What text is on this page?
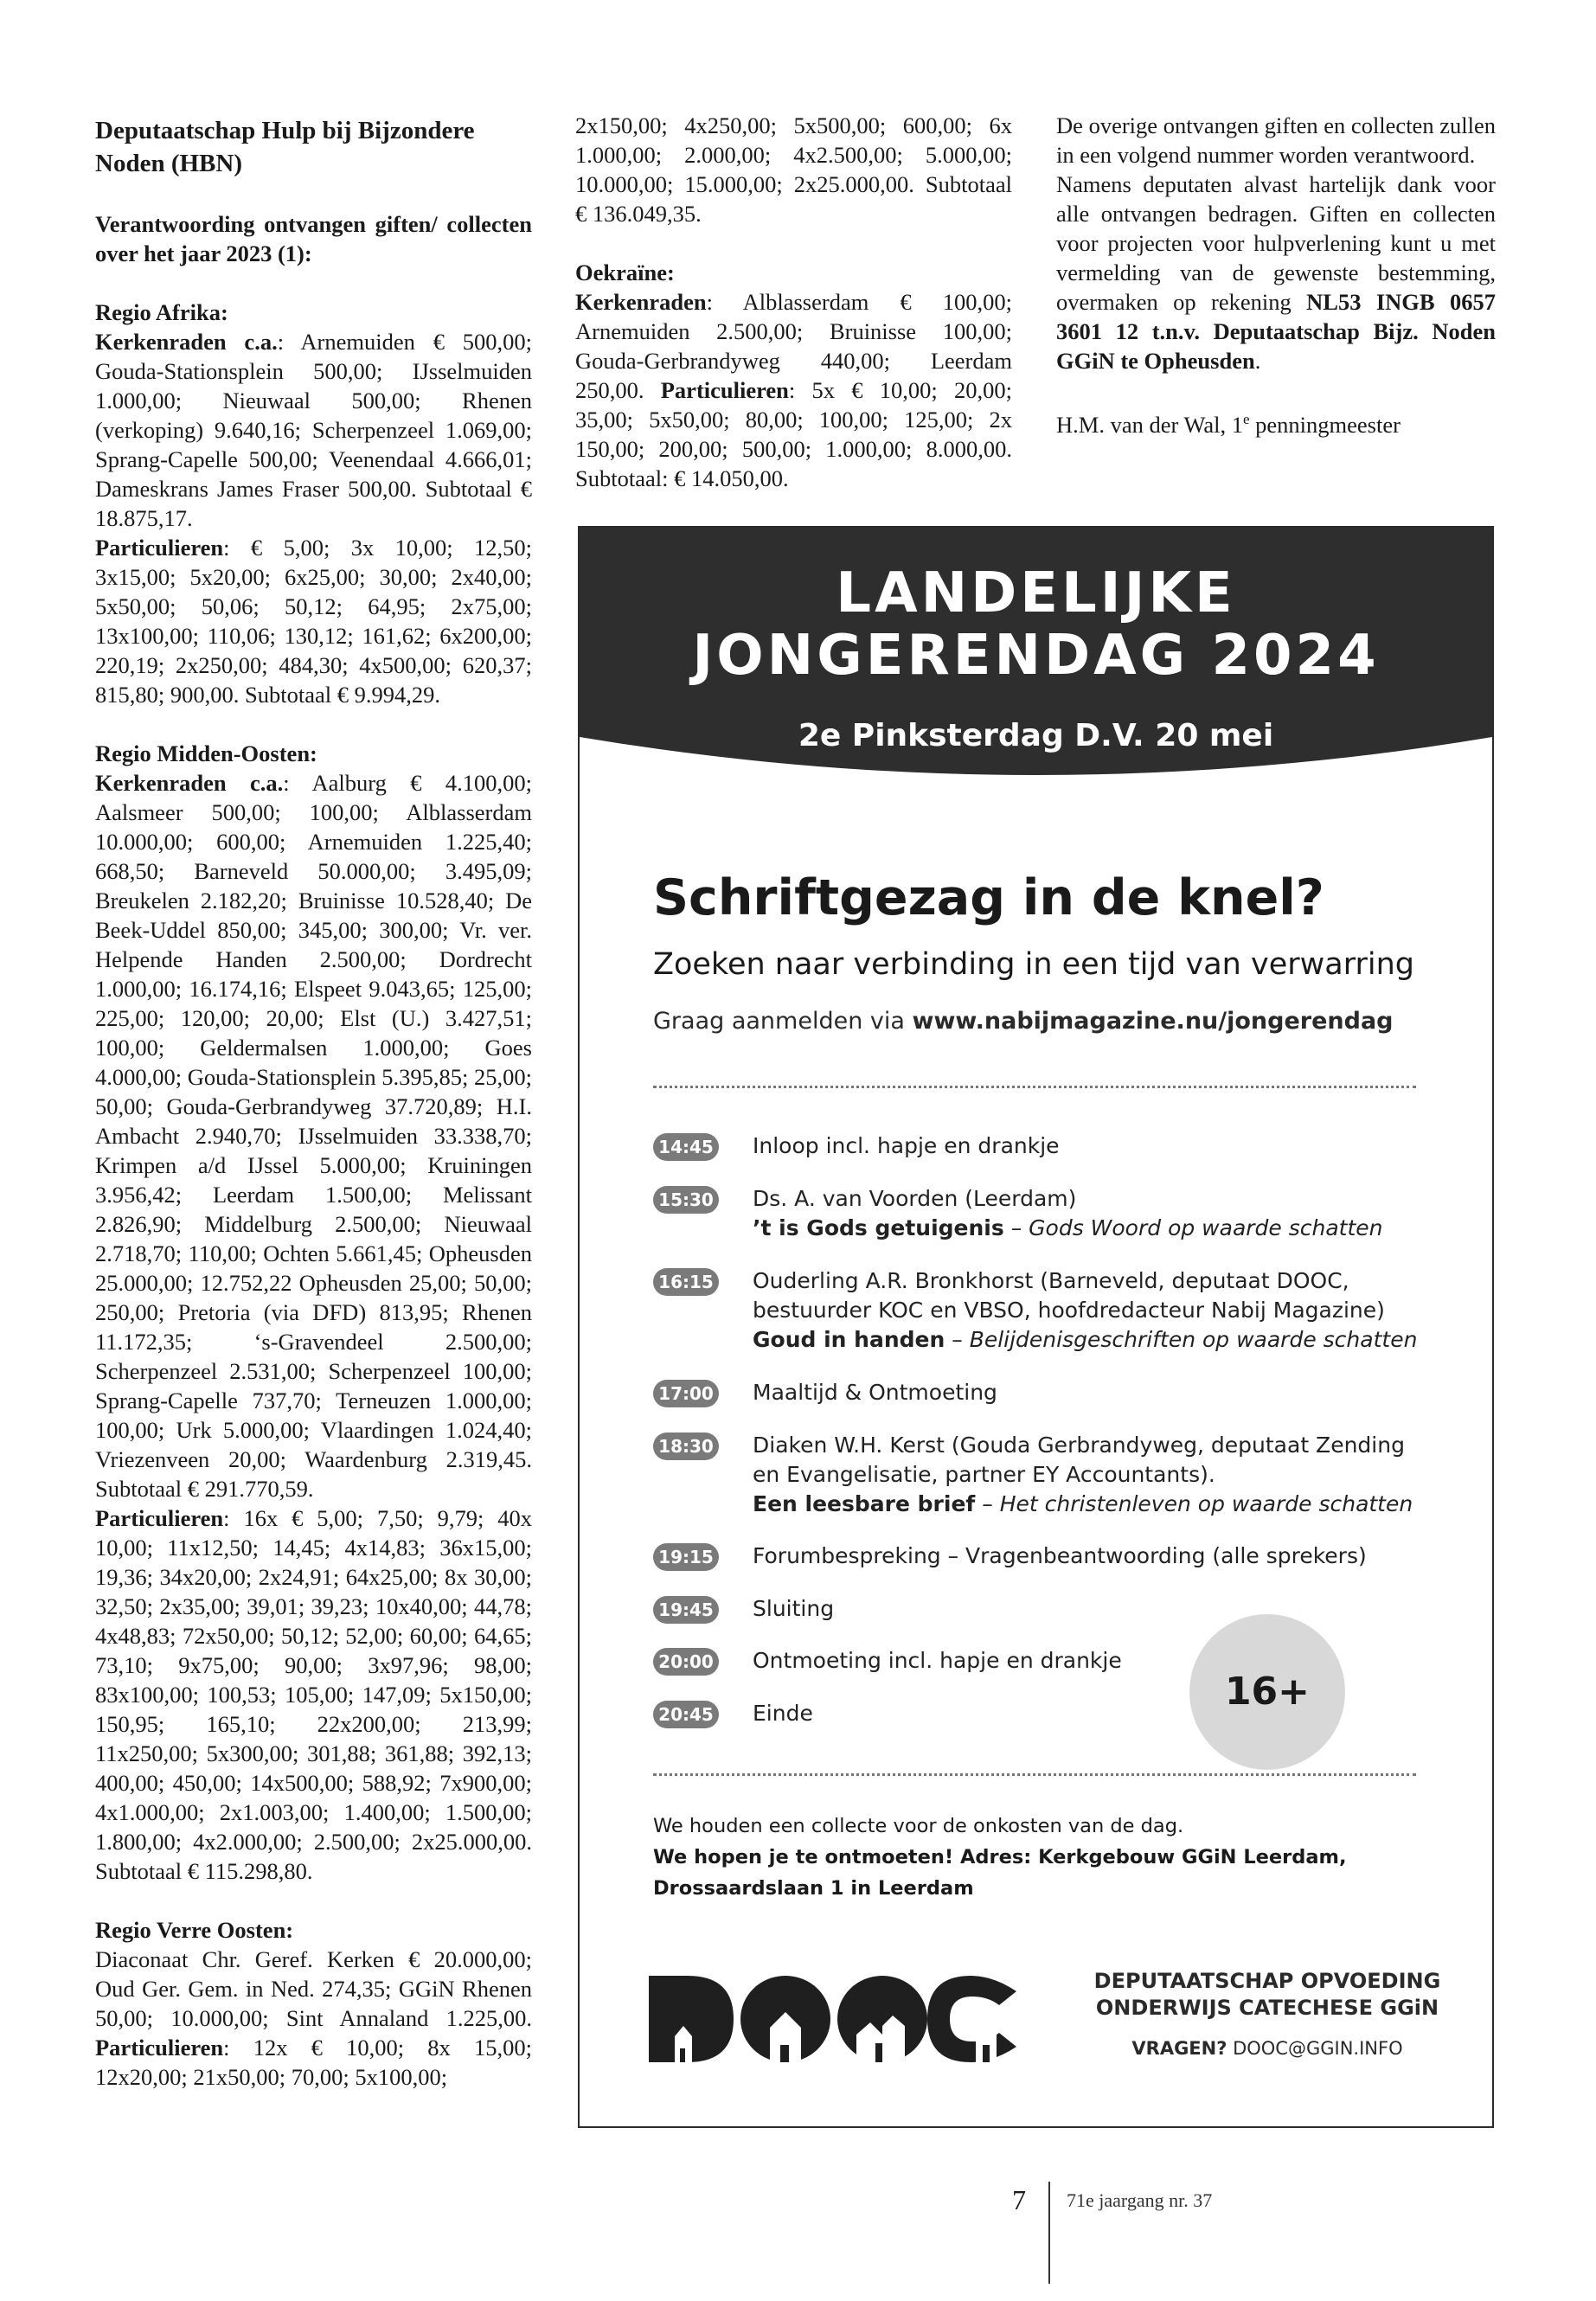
Deputaatschap Hulp bij Bijzondere Noden (HBN)

Verantwoording ontvangen giften/ collecten over het jaar 2023 (1):

Regio Afrika:

Kerkenraden c.a.: Arnemuiden € 500,00; Gouda-Stationsplein 500,00; IJsselmuiden 1.000,00; Nieuwaal 500,00; Rhenen (verkoping) 9.640,16; Scherpenzeel 1.069,00; Sprang-Capelle 500,00; Veenendaal 4.666,01; Dameskrans James Fraser 500,00. Subtotaal € 18.875,17.

Particulieren: € 5,00; 3x 10,00; 12,50; 3x15,00; 5x20,00; 6x25,00; 30,00; 2x40,00; 5x50,00; 50,06; 50,12; 64,95; 2x75,00; 13x100,00; 110,06; 130,12; 161,62; 6x200,00; 220,19; 2x250,00; 484,30; 4x500,00; 620,37; 815,80; 900,00. Subtotaal € 9.994,29.

Regio Midden-Oosten:

Kerkenraden c.a.: Aalburg € 4.100,00; Aalsmeer 500,00; 100,00; Alblasserdam 10.000,00; 600,00; Arnemuiden 1.225,40; 668,50; Barneveld 50.000,00; 3.495,09; Breukelen 2.182,20; Bruinisse 10.528,40; De Beek-Uddel 850,00; 345,00; 300,00; Vr. ver. Helpende Handen 2.500,00; Dordrecht 1.000,00; 16.174,16; Elspeet 9.043,65; 125,00; 225,00; 120,00; 20,00; Elst (U.) 3.427,51; 100,00; Geldermalsen 1.000,00; Goes 4.000,00; Gouda-Stationsplein 5.395,85; 25,00; 50,00; Gouda-Gerbrandyweg 37.720,89; H.I. Ambacht 2.940,70; IJsselmuiden 33.338,70; Krimpen a/d IJssel 5.000,00; Kruiningen 3.956,42; Leerdam 1.500,00; Melissant 2.826,90; Middelburg 2.500,00; Nieuwaal 2.718,70; 110,00; Ochten 5.661,45; Opheusden 25.000,00; 12.752,22 Opheusden 25,00; 50,00; 250,00; Pretoria (via DFD) 813,95; Rhenen 11.172,35; ‘s-Gravendeel 2.500,00; Scherpenzeel 2.531,00; Scherpenzeel 100,00; Sprang-Capelle 737,70; Terneuzen 1.000,00; 100,00; Urk 5.000,00; Vlaardingen 1.024,40; Vriezenveen 20,00; Waardenburg 2.319,45. Subtotaal € 291.770,59.

Particulieren: 16x € 5,00; 7,50; 9,79; 40x 10,00; 11x12,50; 14,45; 4x14,83; 36x15,00; 19,36; 34x20,00; 2x24,91; 64x25,00; 8x 30,00; 32,50; 2x35,00; 39,01; 39,23; 10x40,00; 44,78; 4x48,83; 72x50,00; 50,12; 52,00; 60,00; 64,65; 73,10; 9x75,00; 90,00; 3x97,96; 98,00; 83x100,00; 100,53; 105,00; 147,09; 5x150,00; 150,95; 165,10; 22x200,00; 213,99; 11x250,00; 5x300,00; 301,88; 361,88; 392,13; 400,00; 450,00; 14x500,00; 588,92; 7x900,00; 4x1.000,00; 2x1.003,00; 1.400,00; 1.500,00; 1.800,00; 4x2.000,00; 2.500,00; 2x25.000,00. Subtotaal € 115.298,80.

Regio Verre Oosten:

Diaconaat Chr. Geref. Kerken € 20.000,00; Oud Ger. Gem. in Ned. 274,35; GGiN Rhenen 50,00; 10.000,00; Sint Annaland 1.225,00. Particulieren: 12x € 10,00; 8x 15,00; 12x20,00; 21x50,00; 70,00; 5x100,00;

2x150,00; 4x250,00; 5x500,00; 600,00; 6x 1.000,00; 2.000,00; 4x2.500,00; 5.000,00; 10.000,00; 15.000,00; 2x25.000,00. Subtotaal € 136.049,35.

Oekraïne:

Kerkenraden: Alblasserdam € 100,00; Arnemuiden 2.500,00; Bruinisse 100,00; Gouda-Gerbrandyweg 440,00; Leerdam 250,00. Particulieren: 5x € 10,00; 20,00; 35,00; 5x50,00; 80,00; 100,00; 125,00; 2x 150,00; 200,00; 500,00; 1.000,00; 8.000,00. Subtotaal: € 14.050,00.

De overige ontvangen giften en collecten zullen in een volgend nummer worden verantwoord.

Namens deputaten alvast hartelijk dank voor alle ontvangen bedragen. Giften en collecten voor projecten voor hulpverlening kunt u met vermelding van de gewenste bestemming, overmaken op rekening NL53 INGB 0657 3601 12 t.n.v. Deputaatschap Bijz. Noden GGiN te Opheusden.

H.M. van der Wal, 1e penningmeester

LANDELIJKE
JONGERENDAG 2024
2e Pinksterdag D.V. 20 mei
Schriftgezag in de knel?
Zoeken naar verbinding in een tijd van verwarring
Graag aanmelden via www.nabijmagazine.nu/jongerendag
14:45 Inloop incl. hapje en drankje
15:30 Ds. A. van Voorden (Leerdam)
’t is Gods getuigenis – Gods Woord op waarde schatten
16:15 Ouderling A.R. Bronkhorst (Barneveld, deputaat DOOC,
bestuurder KOC en VBSO, hoofdredacteur Nabij Magazine)
Goud in handen – Belijdenisgeschriften op waarde schatten
17:00 Maaltijd & Ontmoeting
18:30 Diaken W.H. Kerst (Gouda Gerbrandyweg, deputaat Zending
en Evangelisatie, partner EY Accountants).
Een leesbare brief – Het christenleven op waarde schatten
19:15 Forumbespreking – Vragenbeantwoording (alle sprekers)
19:45 Sluiting
20:00 Ontmoeting incl. hapje en drankje
20:45 Einde	16+
We houden een collecte voor de onkosten van de dag.
We hopen je te ontmoeten! Adres: Kerkgebouw GGiN Leerdam,
Drossaardslaan 1 in Leerdam
DEPUTAATSCHAP OPVOEDING
ONDERWIJS CATECHESE GGiN
VRAGEN? DOOC@GGIN.INFO
7 71e jaargang nr. 37
